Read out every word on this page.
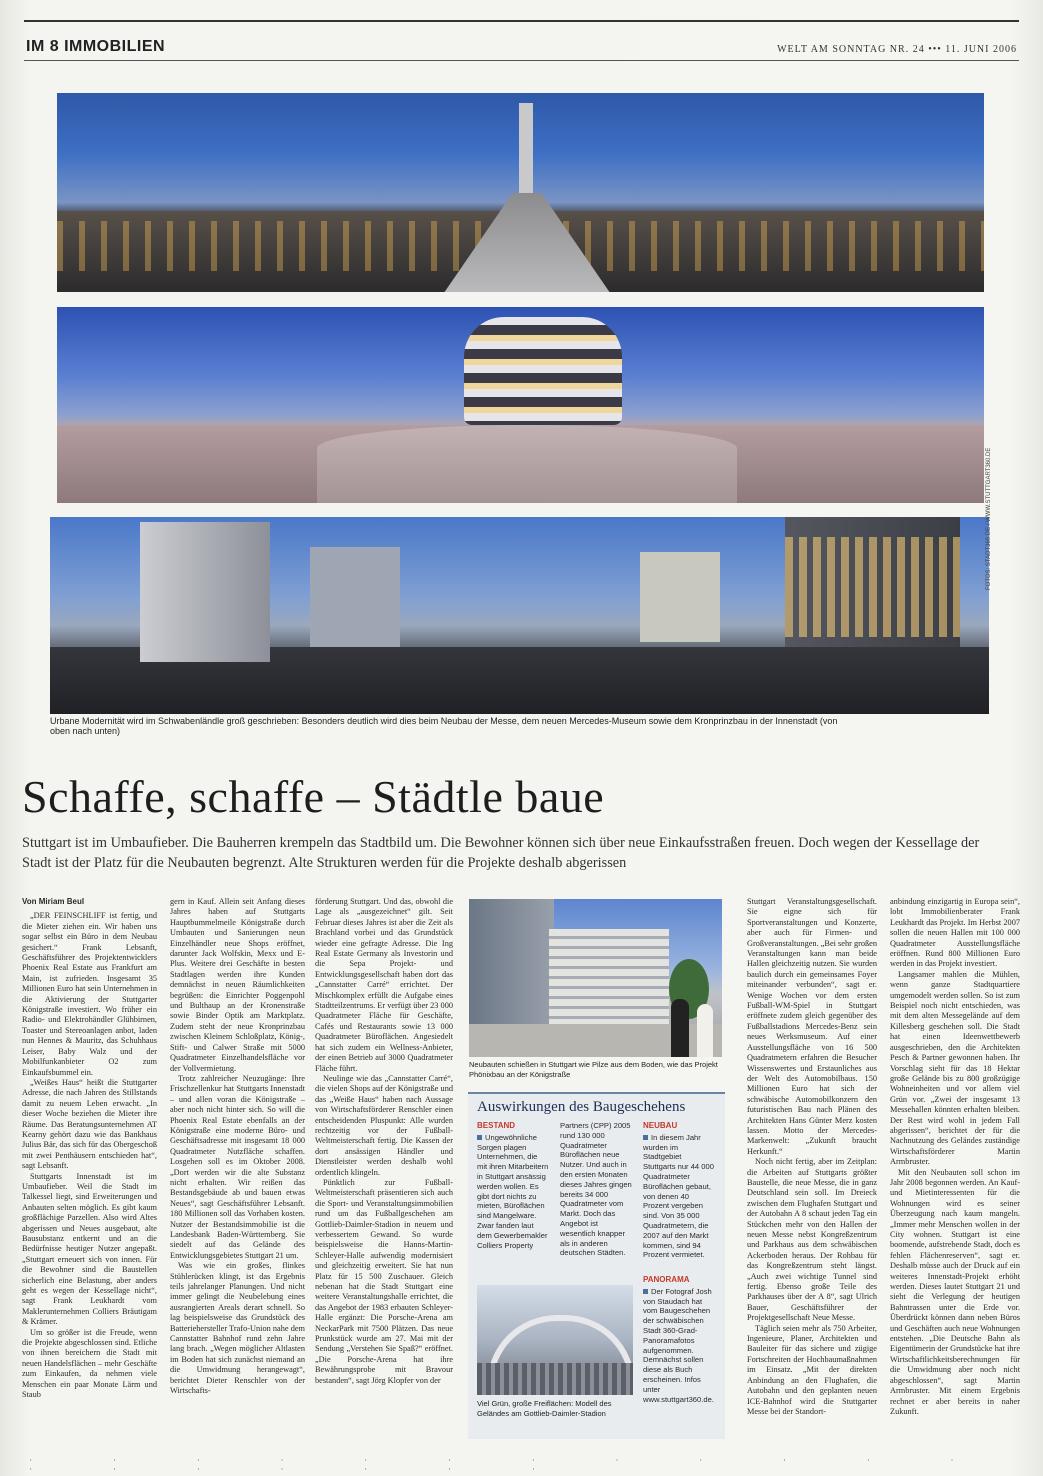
IM 8 IMMOBILIEN	WELT AM SONNTAG NR. 24 ••• 11. JUNI 2006
FOTOS: STADT360.DE / WWW.STUTTGART360.DE
Urbane Modernität wird im Schwabenländle groß geschrieben: Besonders deutlich wird dies beim Neubau der Messe, dem neuen Mercedes-Museum sowie dem Kronprinzbau in der Innenstadt (von oben nach unten)
Schaffe, schaffe – Städtle baue
Stuttgart ist im Umbaufieber. Die Bauherren krempeln das Stadtbild um. Die Bewohner können sich über neue Einkaufsstraßen freuen. Doch wegen der Kessellage der Stadt ist der Platz für die Neubauten begrenzt. Alte Strukturen werden für die Projekte deshalb abgerissen
Von Miriam Beul
„DER FEINSCHLIFF ist fertig, und die Mieter ziehen ein. Wir haben uns sogar selbst ein Büro in dem Neubau gesichert.“ Frank Lebsanft, Geschäftsführer des Projektentwicklers Phoenix Real Estate aus Frankfurt am Main, ist zufrieden. Insgesamt 35 Millionen Euro hat sein Unternehmen in die Aktivierung der Stuttgarter Königstraße investiert. Wo früher ein Radio- und Elektrohändler Glühbirnen, Toaster und Stereoanlagen anbot, laden nun Hennes & Mauritz, das Schuhhaus Leiser, Baby Walz und der Mobilfunkanbieter O2 zum Einkaufsbummel ein.
„Weißes Haus“ heißt die Stuttgarter Adresse, die nach Jahren des Stillstands damit zu neuem Leben erwacht. „In dieser Woche beziehen die Mieter ihre Räume. Das Beratungsunternehmen AT Kearny gehört dazu wie das Bankhaus Julius Bär, das sich für das Obergeschoß mit zwei Penthäusern entschieden hat“, sagt Lebsanft.
Stuttgarts Innenstadt ist im Umbaufieber. Weil die Stadt im Talkessel liegt, sind Erweiterungen und Anbauten selten möglich. Es gibt kaum großflächige Parzellen. Also wird Altes abgerissen und Neues ausgebaut, alte Bausubstanz entkernt und an die Bedürfnisse heutiger Nutzer angepaßt. „Stuttgart erneuert sich von innen. Für die Bewohner sind die Baustellen sicherlich eine Belastung, aber anders geht es wegen der Kessellage nicht“, sagt Frank Leukhardt vom Maklerunternehmen Colliers Bräutigam & Krämer.
Um so größer ist die Freude, wenn die Projekte abgeschlossen sind. Etliche von ihnen bereichern die Stadt mit neuen Handelsflächen – mehr Geschäfte zum Einkaufen, da nehmen viele Menschen ein paar Monate Lärm und Staub
gern in Kauf. Allein seit Anfang dieses Jahres haben auf Stuttgarts Hauptbummelmeile Königstraße durch Umbauten und Sanierungen neun Einzelhändler neue Shops eröffnet, darunter Jack Wolfskin, Mexx und E-Plus. Weitere drei Geschäfte in besten Stadtlagen werden ihre Kunden demnächst in neuen Räumlichkeiten begrüßen: die Einrichter Poggenpohl und Bulthaup an der Kronenstraße sowie Binder Optik am Marktplatz. Zudem steht der neue Kronprinzbau zwischen Kleinem Schloßplatz, König-, Stift- und Calwer Straße mit 5000 Quadratmeter Einzelhandelsfläche vor der Vollvermietung.
Trotz zahlreicher Neuzugänge: Ihre Frischzellenkur hat Stuttgarts Innenstadt – und allen voran die Königstraße – aber noch nicht hinter sich. So will die Phoenix Real Estate ebenfalls an der Königstraße eine moderne Büro- und Geschäftsadresse mit insgesamt 18 000 Quadratmeter Nutzfläche schaffen. Losgehen soll es im Oktober 2008. „Dort werden wir die alte Substanz nicht erhalten. Wir reißen das Bestandsgebäude ab und bauen etwas Neues“, sagt Geschäftsführer Lebsanft. 180 Millionen soll das Vorhaben kosten. Nutzer der Bestandsimmobilie ist die Landesbank Baden-Württemberg. Sie siedelt auf das Gelände des Entwicklungsgebietes Stuttgart 21 um.
Was wie ein großes, flinkes Stühlerücken klingt, ist das Ergebnis teils jahrelanger Planungen. Und nicht immer gelingt die Neubelebung eines ausrangierten Areals derart schnell. So lag beispielsweise das Grundstück des Batteriehersteller Trafo-Union nahe dem Cannstatter Bahnhof rund zehn Jahre lang brach. „Wegen möglicher Altlasten im Boden hat sich zunächst niemand an die Umwidmung herangewagt“, berichtet Dieter Renschler von der Wirtschafts-
förderung Stuttgart. Und das, obwohl die Lage als „ausgezeichnet“ gilt. Seit Februar dieses Jahres ist aber die Zeit als Brachland vorbei und das Grundstück wieder eine gefragte Adresse. Die Ing Real Estate Germany als Investorin und die Sepa Projekt- und Entwicklungsgesellschaft haben dort das „Cannstatter Carré“ errichtet. Der Mischkomplex erfüllt die Aufgabe eines Stadtteilzentrums. Er verfügt über 23 000 Quadratmeter Fläche für Geschäfte, Cafés und Restaurants sowie 13 000 Quadratmeter Büroflächen. Angesiedelt hat sich zudem ein Wellness-Anbieter, der einen Betrieb auf 3000 Quadratmeter Fläche führt.
Neulinge wie das „Cannstatter Carré“, die vielen Shops auf der Königstraße und das „Weiße Haus“ haben nach Aussage von Wirtschaftsförderer Renschler einen entscheidenden Pluspunkt: Alle wurden rechtzeitig vor der Fußball-Weltmeisterschaft fertig. Die Kassen der dort ansässigen Händler und Dienstleister werden deshalb wohl ordentlich klingeln.
Pünktlich zur Fußball-Weltmeisterschaft präsentieren sich auch die Sport- und Veranstaltungsimmobilien rund um das Fußballgeschehen am Gottlieb-Daimler-Stadion in neuem und verbessertem Gewand. So wurde beispielsweise die Hanns-Martin-Schleyer-Halle aufwendig modernisiert und gleichzeitig erweitert. Sie hat nun Platz für 15 500 Zuschauer. Gleich nebenan hat die Stadt Stuttgart eine weitere Veranstaltungshalle errichtet, die das Angebot der 1983 erbauten Schleyer-Halle ergänzt: Die Porsche-Arena am NeckarPark mit 7500 Plätzen. Das neue Prunkstück wurde am 27. Mai mit der Sendung „Verstehen Sie Spaß?“ eröffnet. „Die Porsche-Arena hat ihre Bewährungsprobe mit Bravour bestanden“, sagt Jörg Klopfer von der
Neubauten schießen in Stuttgart wie Pilze aus dem Boden, wie das Projekt Phönixbau an der Königstraße
Auswirkungen des Baugeschehens
BESTAND
Ungewöhnliche Sorgen plagen Unternehmen, die mit ihren Mitarbeitern in Stuttgart ansässig werden wollen. Es gibt dort nichts zu mieten, Büroflächen sind Mangelware. Zwar fanden laut dem Gewerbemakler Colliers Property
Partners (CPP) 2005 rund 130 000 Quadratmeter Büroflächen neue Nutzer. Und auch in den ersten Monaten dieses Jahres gingen bereits 34 000 Quadratmeter vom Markt. Doch das Angebot ist wesentlich knapper als in anderen deutschen Städten.
NEUBAU
In diesem Jahr wurden im Stadtgebiet Stuttgarts nur 44 000 Quadratmeter Büroflächen gebaut, von denen 40 Prozent vergeben sind. Von 35 000 Quadratmetern, die 2007 auf den Markt kommen, sind 94 Prozent vermietet.
PANORAMA
Der Fotograf Josh von Staudach hat vom Baugeschehen der schwäbischen Stadt 360-Grad-Panoramafotos aufgenommen. Demnächst sollen diese als Buch erscheinen. Infos unter www.stuttgart360.de.
Viel Grün, große Freiflächen: Modell des Geländes am Gottlieb-Daimler-Stadion
Stuttgart Veranstaltungsgesellschaft. Sie eigne sich für Sportveranstaltungen und Konzerte, aber auch für Firmen- und Großveranstaltungen. „Bei sehr großen Veranstaltungen kann man beide Hallen gleichzeitig nutzen. Sie wurden baulich durch ein gemeinsames Foyer miteinander verbunden“, sagt er. Wenige Wochen vor dem ersten Fußball-WM-Spiel in Stuttgart eröffnete zudem gleich gegenüber des Fußballstadions Mercedes-Benz sein neues Werksmuseum. Auf einer Ausstellungsfläche von 16 500 Quadratmetern erfahren die Besucher Wissenswertes und Erstaunliches aus der Welt des Automobilbaus. 150 Millionen Euro hat sich der schwäbische Automobilkonzern den futuristischen Bau nach Plänen des Architekten Hans Günter Merz kosten lassen. Motto der Mercedes-Markenwelt: „Zukunft braucht Herkunft.“
Noch nicht fertig, aber im Zeitplan: die Arbeiten auf Stuttgarts größter Baustelle, die neue Messe, die in ganz Deutschland sein soll. Im Dreieck zwischen dem Flughafen Stuttgart und der Autobahn A 8 schaut jeden Tag ein Stückchen mehr von den Hallen der neuen Messe nebst Kongreßzentrum und Parkhaus aus dem schwäbischen Ackerboden heraus. Der Rohbau für das Kongreßzentrum steht längst. „Auch zwei wichtige Tunnel sind fertig. Ebenso große Teile des Parkhauses über der A 8“, sagt Ulrich Bauer, Geschäftsführer der Projektgesellschaft Neue Messe.
Täglich seien mehr als 750 Arbeiter, Ingenieure, Planer, Architekten und Bauleiter für das sichere und zügige Fortschreiten der Hochbaumaßnahmen im Einsatz. „Mit der direkten Anbindung an den Flughafen, die Autobahn und den geplanten neuen ICE-Bahnhof wird die Stuttgarter Messe bei der Standort-
anbindung einzigartig in Europa sein“, lobt Immobilienberater Frank Leukhardt das Projekt. Im Herbst 2007 sollen die neuen Hallen mit 100 000 Quadratmeter Ausstellungsfläche eröffnen. Rund 800 Millionen Euro werden in das Projekt investiert.
Langsamer mahlen die Mühlen, wenn ganze Stadtquartiere umgemodelt werden sollen. So ist zum Beispiel noch nicht entschieden, was mit dem alten Messegelände auf dem Killesberg geschehen soll. Die Stadt hat einen Ideenwettbewerb ausgeschrieben, den die Architekten Pesch & Partner gewonnen haben. Ihr Vorschlag sieht für das 18 Hektar große Gelände bis zu 800 großzügige Wohneinheiten und vor allem viel Grün vor. „Zwei der insgesamt 13 Messehallen könnten erhalten bleiben. Der Rest wird wohl in jedem Fall abgerissen“, berichtet der für die Nachnutzung des Geländes zuständige Wirtschaftsförderer Martin Armbruster.
Mit den Neubauten soll schon im Jahr 2008 begonnen werden. An Kauf- und Mietinteressenten für die Wohnungen wird es seiner Überzeugung nach kaum mangeln. „Immer mehr Menschen wollen in der City wohnen. Stuttgart ist eine boomende, aufstrebende Stadt, doch es fehlen Flächenreserven“, sagt er. Deshalb müsse auch der Druck auf ein weiteres Innenstadt-Projekt erhöht werden. Dieses lautet Stuttgart 21 und sieht die Verlegung der heutigen Bahntrassen unter die Erde vor. Überdrückt können dann neben Büros und Geschäften auch neue Wohnungen entstehen. „Die Deutsche Bahn als Eigentümerin der Grundstücke hat ihre Wirtschaftlichkeitsberechnungen für die Umwidmung aber noch nicht abgeschlossen“, sagt Martin Armbruster. Mit einem Ergebnis rechnet er aber bereits in naher Zukunft.
' ' ' ' ' ' ' ' ' ' ' ' ' ' ' ' ' ' '
